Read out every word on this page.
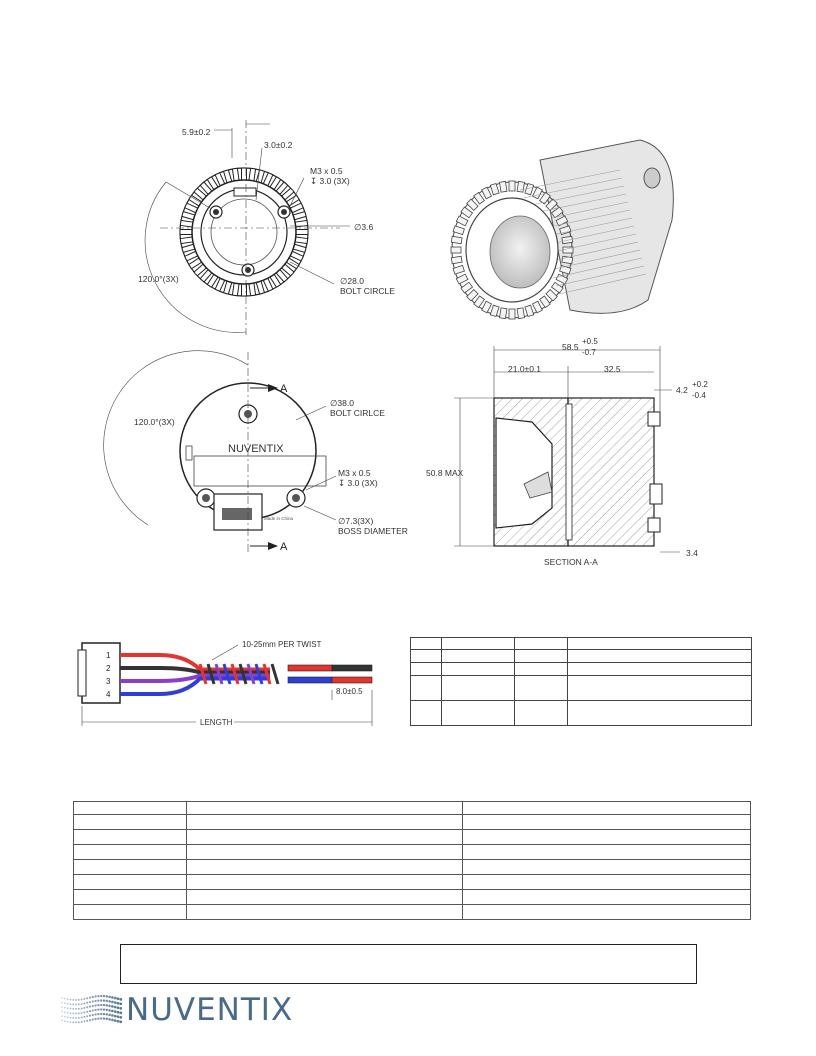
5.9±0.2
3.0±0.2
M3 x 0.5
↧ 3.0 (3X)
∅3.6
120.0°(3X)	∅28.0
BOLT CIRCLE
120.0°(3X)
A
A
∅38.0
BOLT CIRLCE
NUVENTIX
M3 x 0.5
↧ 3.0 (3X)
∅7.3(3X)
BOSS DIAMETER
Made in China
58.5
+0.5
-0.7
21.0±0.1	32.5
4.2
+0.2
-0.4
50.8 MAX
SECTION A-A
3.4
1
2
3
4
10-25mm PER TWIST
8.0±0.5
LENGTH

NUVENTIX
